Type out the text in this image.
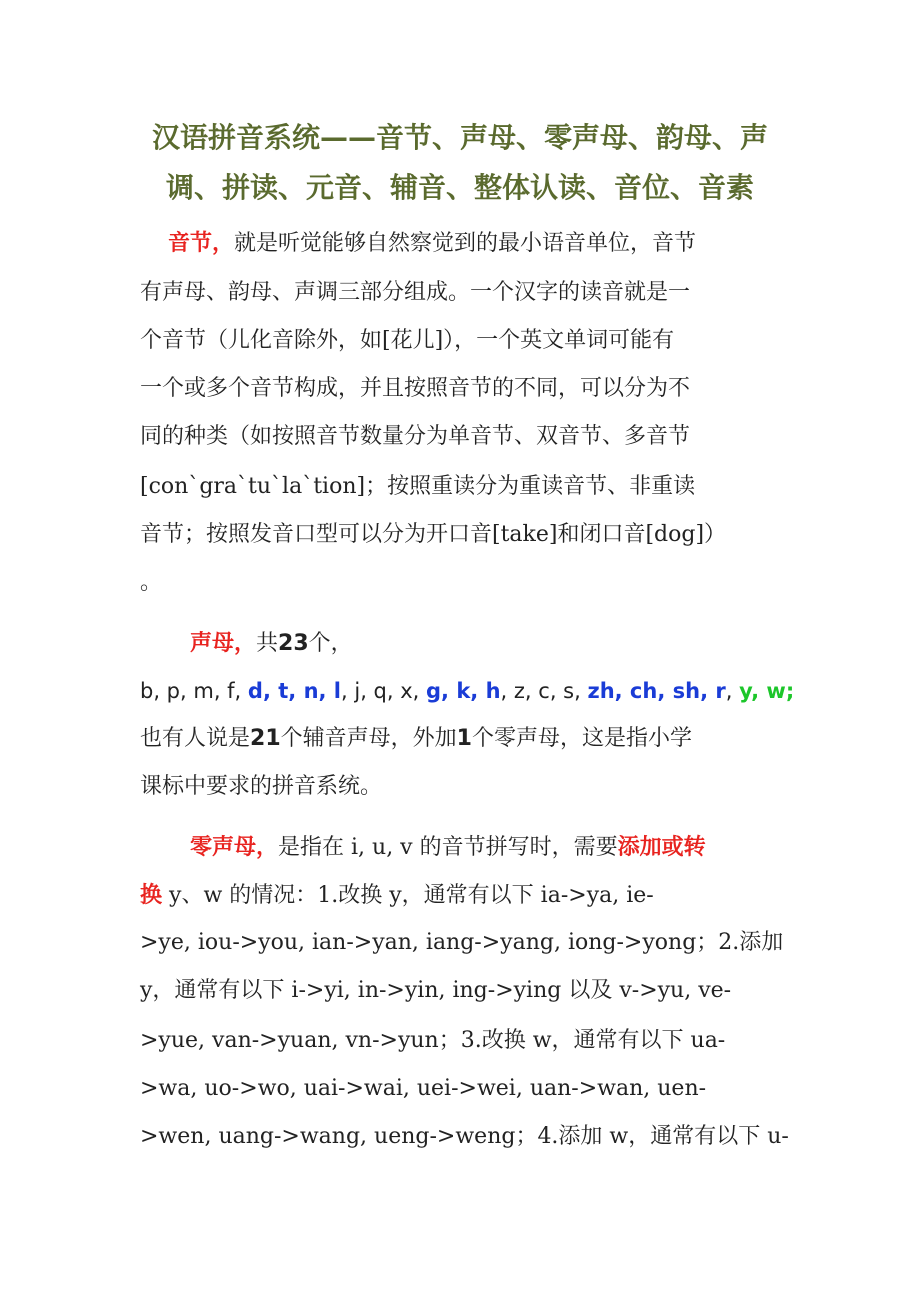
汉语拼音系统——音节、声母、零声母、韵母、声
调、拼读、元音、辅音、整体认读、音位、音素
音节，就是听觉能够自然察觉到的最小语音单位，音节
有声母、韵母、声调三部分组成。一个汉字的读音就是一
个音节（儿化音除外，如[花儿]），一个英文单词可能有
一个或多个音节构成，并且按照音节的不同，可以分为不
同的种类（如按照音节数量分为单音节、双音节、多音节
[con`gra`tu`la`tion]；按照重读分为重读音节、非重读
音节；按照发音口型可以分为开口音[take]和闭口音[dog]）
。
声母，共23个，
b, p, m, f, d, t, n, l, j, q, x, g, k, h, z, c, s, zh, ch, sh, r, y, w;
也有人说是21个辅音声母，外加1个零声母，这是指小学
课标中要求的拼音系统。
零声母，是指在 i, u, v 的音节拼写时，需要添加或转
换 y、w 的情况：1.改换 y，通常有以下 ia->ya, ie-
>ye, iou->you, ian->yan, iang->yang, iong->yong；2.添加
y，通常有以下 i->yi, in->yin, ing->ying 以及 v->yu, ve-
>yue, van->yuan, vn->yun；3.改换 w，通常有以下 ua-
>wa, uo->wo, uai->wai, uei->wei, uan->wan, uen-
>wen, uang->wang, ueng->weng；4.添加 w，通常有以下 u-
